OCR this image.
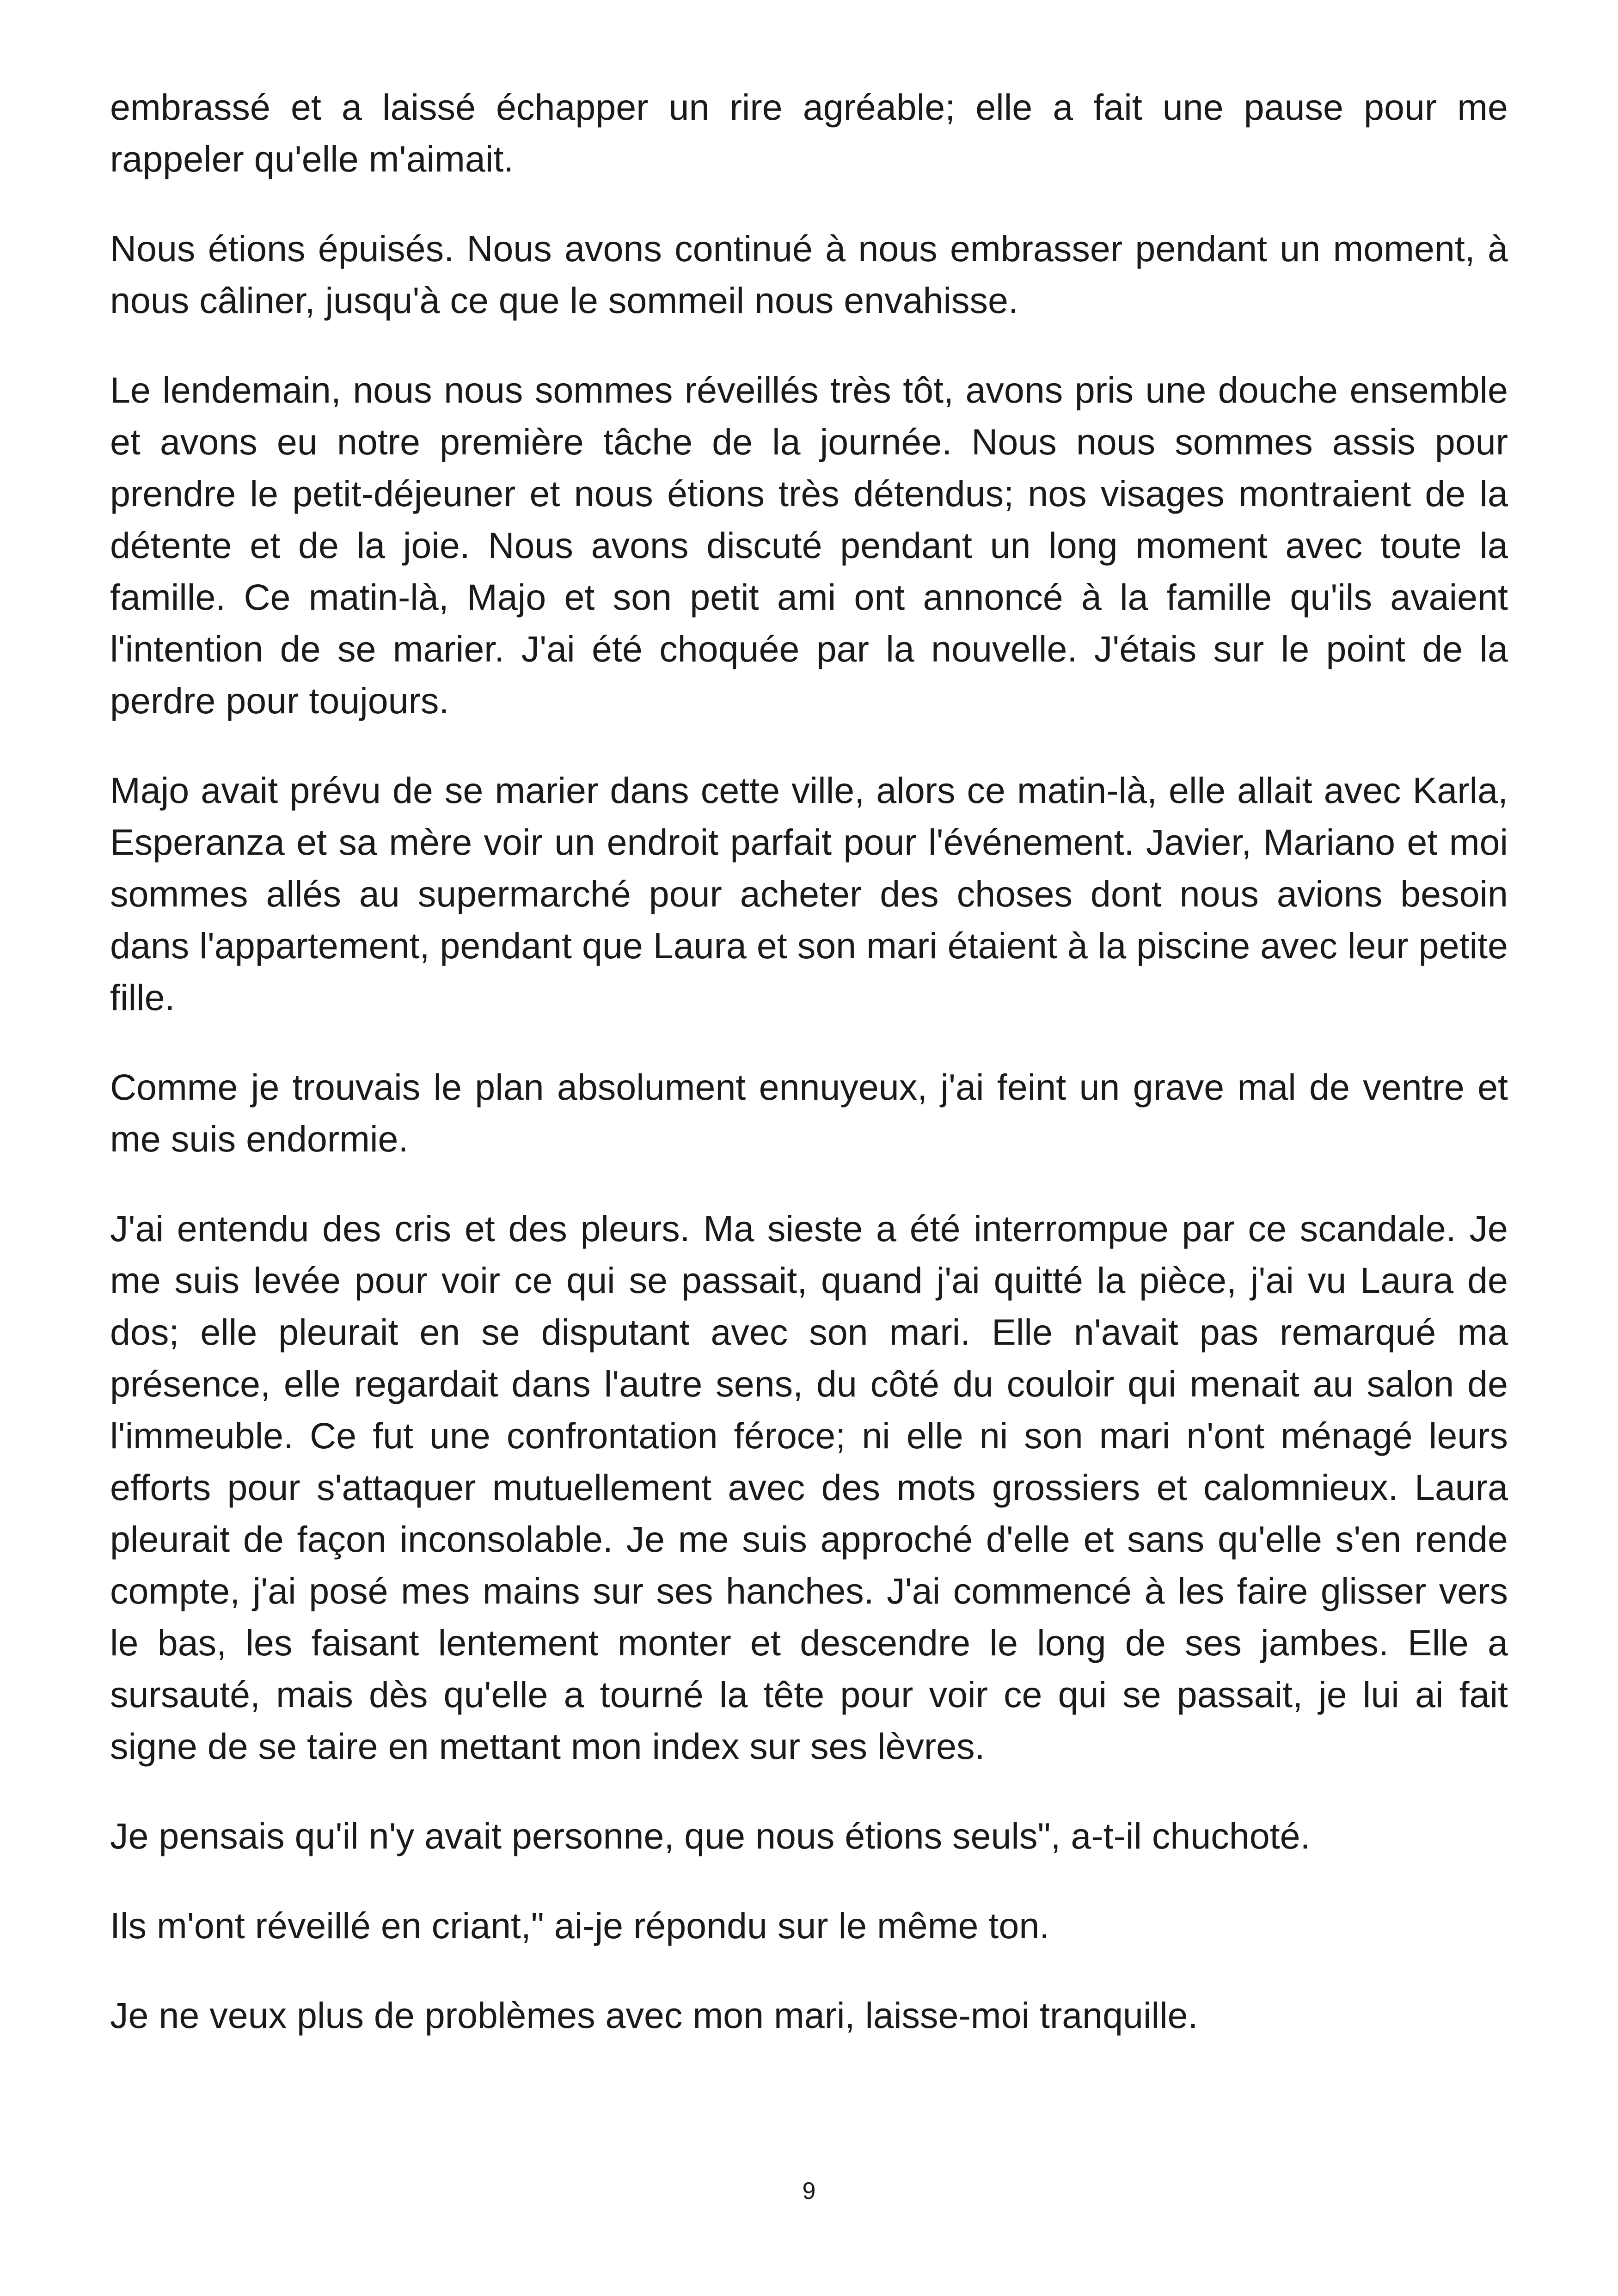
embrassé et a laissé échapper un rire agréable; elle a fait une pause pour me rappeler qu'elle m'aimait.

Nous étions épuisés. Nous avons continué à nous embrasser pendant un moment, à nous câliner, jusqu'à ce que le sommeil nous envahisse.

Le lendemain, nous nous sommes réveillés très tôt, avons pris une douche ensemble et avons eu notre première tâche de la journée. Nous nous sommes assis pour prendre le petit-déjeuner et nous étions très détendus; nos visages montraient de la détente et de la joie. Nous avons discuté pendant un long moment avec toute la famille. Ce matin-là, Majo et son petit ami ont annoncé à la famille qu'ils avaient l'intention de se marier. J'ai été choquée par la nouvelle. J'étais sur le point de la perdre pour toujours.

Majo avait prévu de se marier dans cette ville, alors ce matin-là, elle allait avec Karla, Esperanza et sa mère voir un endroit parfait pour l'événement. Javier, Mariano et moi sommes allés au supermarché pour acheter des choses dont nous avions besoin dans l'appartement, pendant que Laura et son mari étaient à la piscine avec leur petite fille.

Comme je trouvais le plan absolument ennuyeux, j'ai feint un grave mal de ventre et me suis endormie.

J'ai entendu des cris et des pleurs. Ma sieste a été interrompue par ce scandale. Je me suis levée pour voir ce qui se passait, quand j'ai quitté la pièce, j'ai vu Laura de dos; elle pleurait en se disputant avec son mari. Elle n'avait pas remarqué ma présence, elle regardait dans l'autre sens, du côté du couloir qui menait au salon de l'immeuble. Ce fut une confrontation féroce; ni elle ni son mari n'ont ménagé leurs efforts pour s'attaquer mutuellement avec des mots grossiers et calomnieux. Laura pleurait de façon inconsolable. Je me suis approché d'elle et sans qu'elle s'en rende compte, j'ai posé mes mains sur ses hanches. J'ai commencé à les faire glisser vers le bas, les faisant lentement monter et descendre le long de ses jambes. Elle a sursauté, mais dès qu'elle a tourné la tête pour voir ce qui se passait, je lui ai fait signe de se taire en mettant mon index sur ses lèvres.

Je pensais qu'il n'y avait personne, que nous étions seuls", a-t-il chuchoté.

Ils m'ont réveillé en criant," ai-je répondu sur le même ton.

Je ne veux plus de problèmes avec mon mari, laisse-moi tranquille.

9
